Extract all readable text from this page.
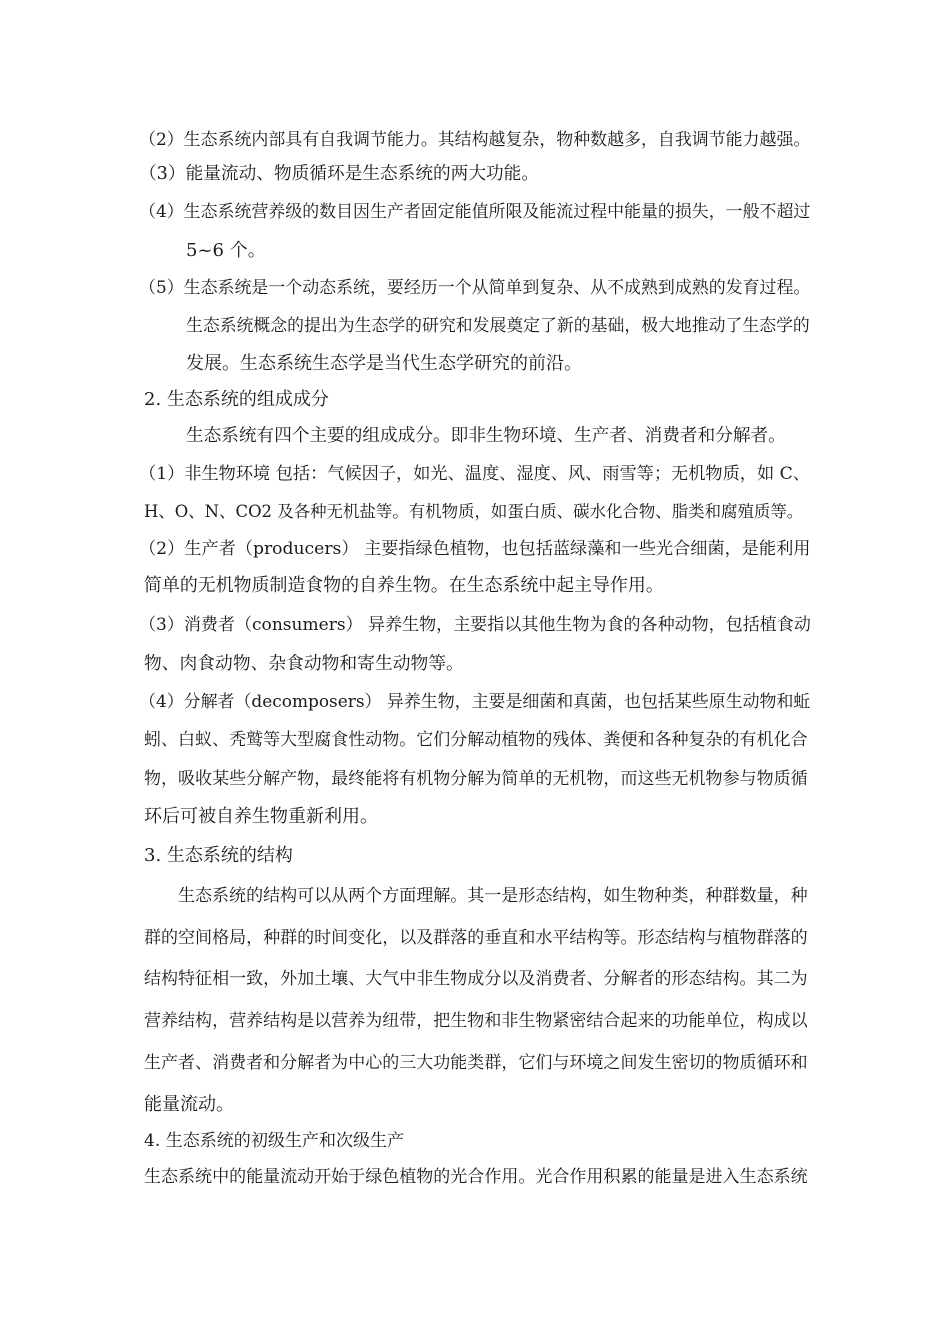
（2）生态系统内部具有自我调节能力。其结构越复杂，物种数越多，自我调节能力越强。
（3）能量流动、物质循环是生态系统的两大功能。
（4）生态系统营养级的数目因生产者固定能值所限及能流过程中能量的损失，一般不超过
5~6 个。
（5）生态系统是一个动态系统，要经历一个从简单到复杂、从不成熟到成熟的发育过程。
生态系统概念的提出为生态学的研究和发展奠定了新的基础，极大地推动了生态学的
发展。生态系统生态学是当代生态学研究的前沿。
2. 生态系统的组成成分
生态系统有四个主要的组成成分。即非生物环境、生产者、消费者和分解者。
（1）非生物环境 包括：气候因子，如光、温度、湿度、风、雨雪等；无机物质，如 C、
H、O、N、CO2 及各种无机盐等。有机物质，如蛋白质、碳水化合物、脂类和腐殖质等。
（2）生产者（producers） 主要指绿色植物，也包括蓝绿藻和一些光合细菌，是能利用
简单的无机物质制造食物的自养生物。在生态系统中起主导作用。
（3）消费者（consumers） 异养生物，主要指以其他生物为食的各种动物，包括植食动
物、肉食动物、杂食动物和寄生动物等。
（4）分解者（decomposers） 异养生物，主要是细菌和真菌，也包括某些原生动物和蚯
蚓、白蚁、秃鹫等大型腐食性动物。它们分解动植物的残体、粪便和各种复杂的有机化合
物，吸收某些分解产物，最终能将有机物分解为简单的无机物，而这些无机物参与物质循
环后可被自养生物重新利用。
3. 生态系统的结构
生态系统的结构可以从两个方面理解。其一是形态结构，如生物种类，种群数量，种
群的空间格局，种群的时间变化，以及群落的垂直和水平结构等。形态结构与植物群落的
结构特征相一致，外加土壤、大气中非生物成分以及消费者、分解者的形态结构。其二为
营养结构，营养结构是以营养为纽带，把生物和非生物紧密结合起来的功能单位，构成以
生产者、消费者和分解者为中心的三大功能类群，它们与环境之间发生密切的物质循环和
能量流动。
4. 生态系统的初级生产和次级生产
生态系统中的能量流动开始于绿色植物的光合作用。光合作用积累的能量是进入生态系统
